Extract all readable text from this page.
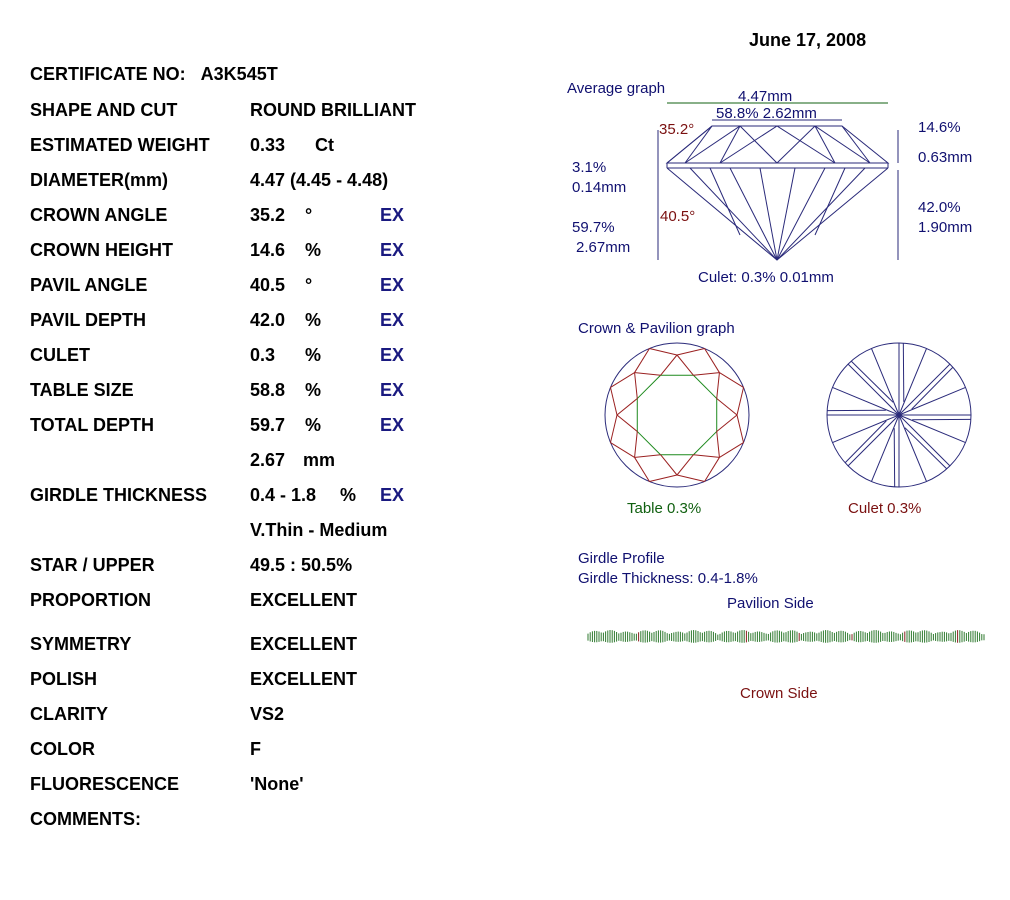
June 17, 2008
CERTIFICATE NO: A3K545T
SHAPE AND CUT	ROUND BRILLIANT
ESTIMATED WEIGHT 0.33 Ct
DIAMETER(mm)	4.47 (4.45 - 4.48)
CROWN ANGLE	35.2 °	EX
CROWN HEIGHT	14.6 %	EX
PAVIL ANGLE	40.5 °	EX
PAVIL DEPTH	42.0 %	EX
CULET	0.3 %	EX
TABLE SIZE	58.8 %	EX
TOTAL DEPTH	59.7 %	EX
2.67 mm
GIRDLE THICKNESS 0.4 - 1.8 % EX
V.Thin - Medium
STAR / UPPER	49.5 : 50.5%
PROPORTION	EXCELLENT
SYMMETRY	EXCELLENT
POLISH	EXCELLENT
CLARITY	VS2
COLOR	F
FLUORESCENCE	'None'
COMMENTS:
Average graph	4.47mm
58.8% 2.62mm
35.2°	14.6%
0.63mm
3.1%
0.14mm
40.5°
42.0%
1.90mm
59.7%
2.67mm
Culet: 0.3% 0.01mm
Crown & Pavilion graph
Table 0.3%	Culet 0.3%
Girdle Profile
Girdle Thickness: 0.4-1.8%
Pavilion Side
Crown Side
